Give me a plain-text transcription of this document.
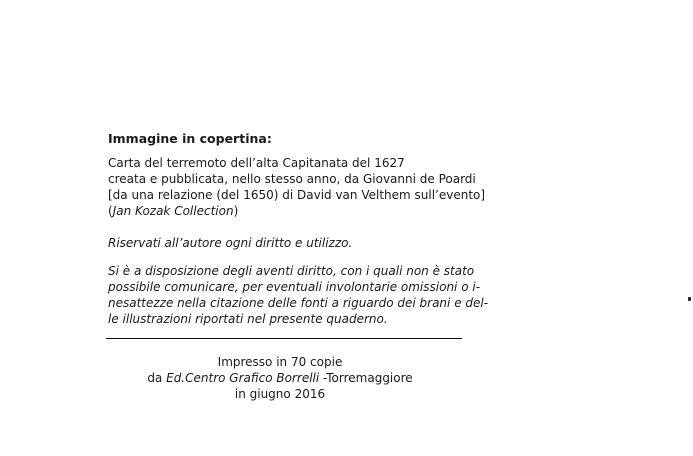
Immagine in copertina:
Carta del terremoto dell’alta Capitanata del 1627
creata e pubblicata, nello stesso anno, da Giovanni de Poardi
[da una relazione (del 1650) di David van Velthem sull’evento]
(Jan Kozak Collection)
Riservati all’autore ogni diritto e utilizzo.
Si è a disposizione degli aventi diritto, con i quali non è stato
possibile comunicare, per eventuali involontarie omissioni o i-
nesattezze nella citazione delle fonti a riguardo dei brani e del-
le illustrazioni riportati nel presente quaderno.
Impresso in 70 copie
da Ed.Centro Grafico Borrelli -Torremaggiore
in giugno 2016
